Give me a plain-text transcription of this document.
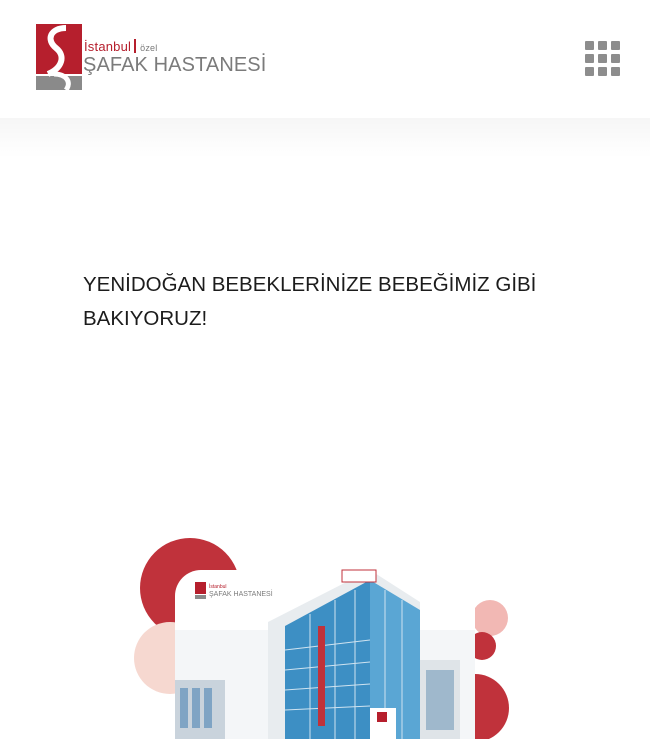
İstanbul özel
ŞAFAK HASTANESİ
YENİDOĞAN BEBEKLERİNİZE BEBEĞİMİZ GİBİ BAKIYORUZ!
İstanbul
ŞAFAK HASTANESİ
